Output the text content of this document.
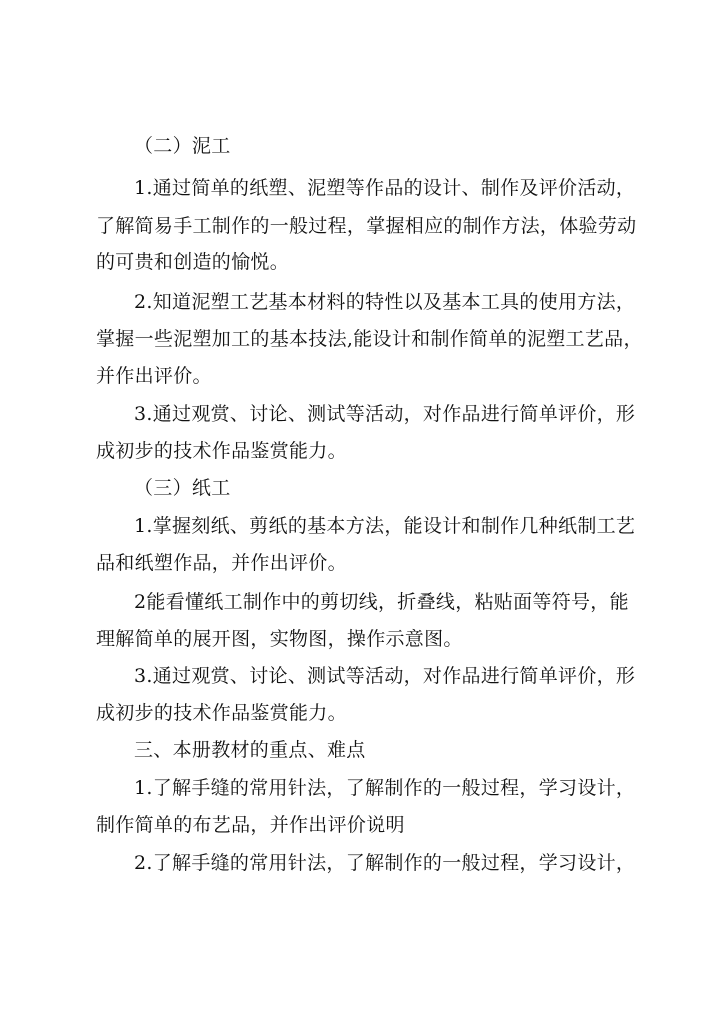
（二）泥工
1.通过简单的纸塑、泥塑等作品的设计、制作及评价活动，
了解简易手工制作的一般过程，掌握相应的制作方法，体验劳动
的可贵和创造的愉悦。
2.知道泥塑工艺基本材料的特性以及基本工具的使用方法，
掌握一些泥塑加工的基本技法,能设计和制作简单的泥塑工艺品，
并作出评价。
3.通过观赏、讨论、测试等活动，对作品进行简单评价，形
成初步的技术作品鉴赏能力。
（三）纸工
1.掌握刻纸、剪纸的基本方法，能设计和制作几种纸制工艺
品和纸塑作品，并作出评价。
2能看懂纸工制作中的剪切线，折叠线，粘贴面等符号，能
理解简单的展开图，实物图，操作示意图。
3.通过观赏、讨论、测试等活动，对作品进行简单评价，形
成初步的技术作品鉴赏能力。
三、本册教材的重点、难点
1.了解手缝的常用针法，了解制作的一般过程，学习设计，
制作简单的布艺品，并作出评价说明
2.了解手缝的常用针法，了解制作的一般过程，学习设计，
